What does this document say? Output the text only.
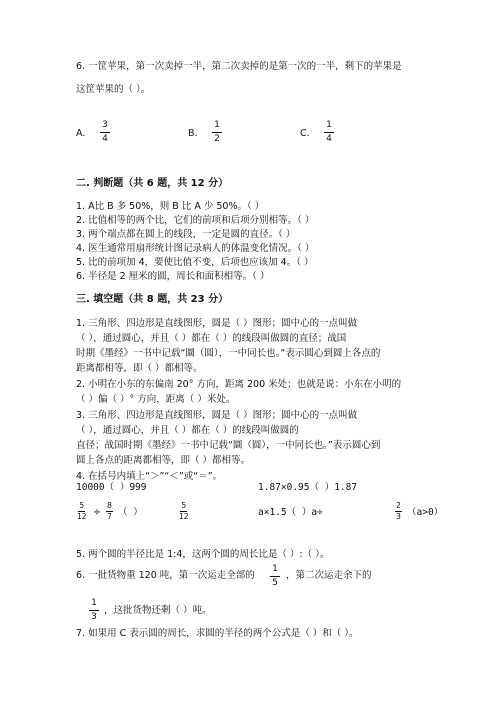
6. 一筐苹果，第一次卖掉一半，第二次卖掉的是第一次的一半，剩下的苹果是
这筐苹果的（ ）。
A.
3
4	B.
1
2	C.
1
4
二. 判断题（共 6 题，共 12 分）
1. A比 B 多 50%，则 B 比 A 少 50%。（ ）
2. 比值相等的两个比，它们的前项和后项分别相等。（ ）
3. 两个端点都在圆上的线段，一定是圆的直径。（ ）
4. 医生通常用扇形统计图记录病人的体温变化情况。（ ）
5. 比的前项加 4，要使比值不变，后项也应该加 4。（ ）
6. 半径是 2 厘米的圆，周长和面积相等。（ ）
三. 填空题（共 8 题，共 23 分）
1. 三角形、四边形是直线图形，圆是（ ）图形；圆中心的一点叫做
（ ），通过圆心，并且（ ）都在（ ）的线段叫做圆的直径；战国
时期《墨经》一书中记载“圜（圆），一中同长也。”表示圆心到圆上各点的
距离都相等，即（ ）都相等。
2. 小明在小东的东偏南 20° 方向，距离 200 米处；也就是说：小东在小明的
（ ）偏（ ）° 方向，距离（ ）米处。
3. 三角形、四边形是直线图形，圆是（ ）图形；圆中心的一点叫做
（ ），通过圆心，并且（ ）都在（ ）的线段叫做圆的
直径；战国时期《墨经》一书中记载“圜（圆），一中同长也。”表示圆心到
圆上各点的距离都相等，即（ ）都相等。
4. 在括号内填上“＞”“＜”或“＝”。
10000（ ）999	1.87×0.95（ ）1.87
5
12 ÷
8
7 （ ）
5
12	a×1.5（ ）a÷
2
3 （a>0）
5. 两个圆的半径比是 1:4，这两个圆的周长比是（ ）:（ ）。
6. 一批货物重 120 吨，第一次运走全部的
1
5
，第二次运走余下的
1
3
，这批货物还剩（ ）吨。
7. 如果用 C 表示圆的周长，求圆的半径的两个公式是（ ）和（ ）。
